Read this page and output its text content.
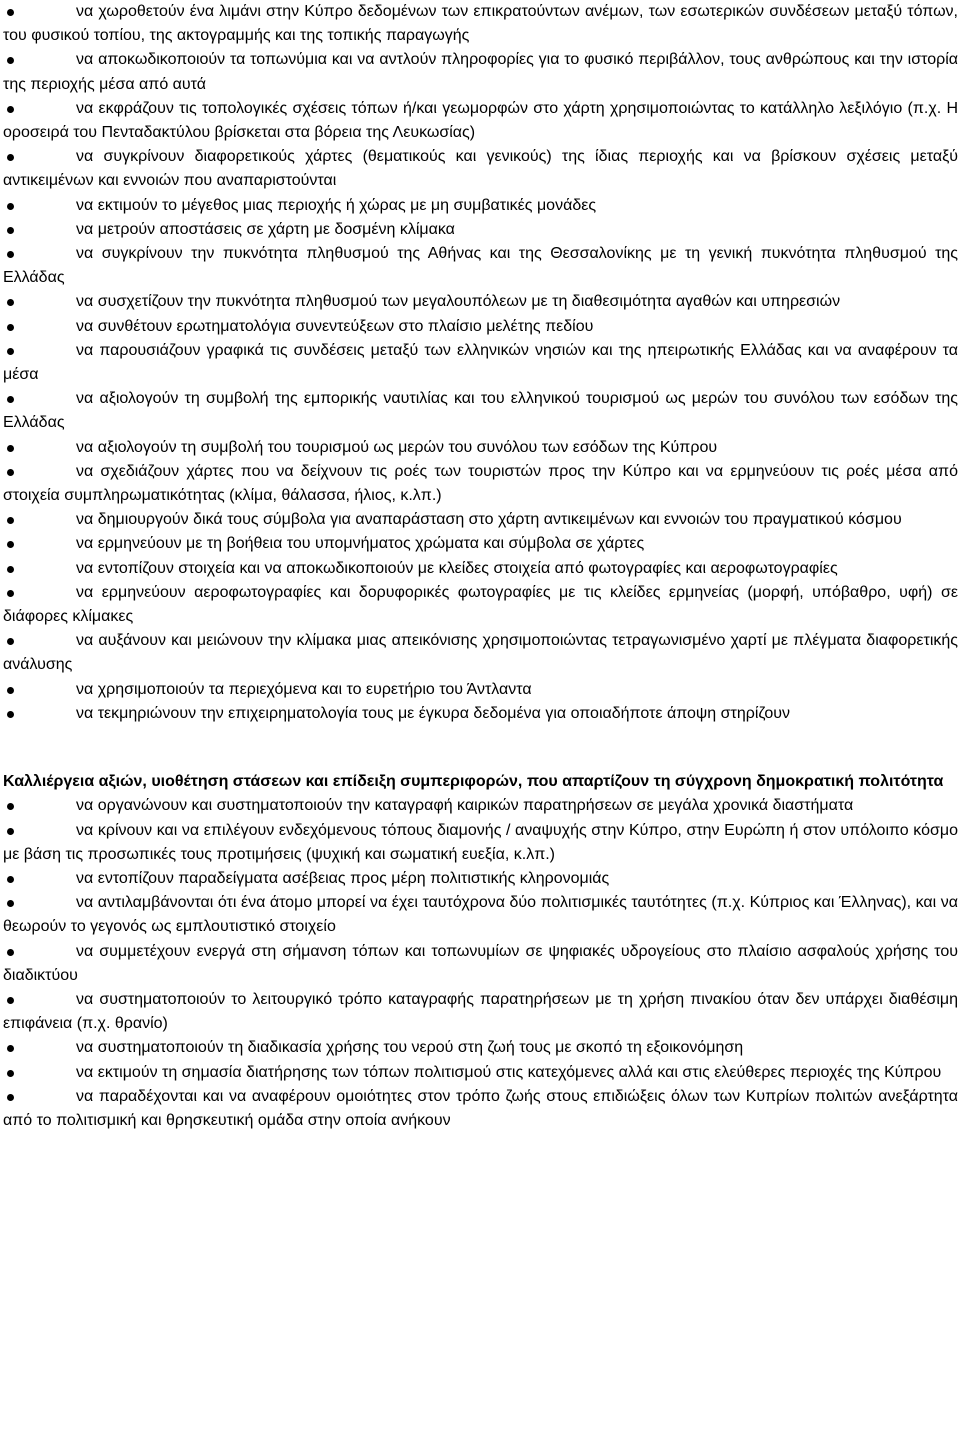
να χωροθετούν ένα λιμάνι στην Κύπρο δεδομένων των επικρατούντων ανέμων, των εσωτερικών συνδέσεων μεταξύ τόπων, του φυσικού τοπίου, της ακτογραμμής και της τοπικής παραγωγής
να αποκωδικοποιούν τα τοπωνύμια και να αντλούν πληροφορίες για το φυσικό περιβάλλον, τους ανθρώπους και την ιστορία της περιοχής μέσα από αυτά
να εκφράζουν τις τοπολογικές σχέσεις τόπων ή/και γεωμορφών στο χάρτη χρησιμοποιώντας το κατάλληλο λεξιλόγιο (π.χ. Η οροσειρά του Πενταδακτύλου βρίσκεται στα βόρεια της Λευκωσίας)
να συγκρίνουν διαφορετικούς χάρτες (θεματικούς και γενικούς) της ίδιας περιοχής και να βρίσκουν σχέσεις μεταξύ αντικειμένων και εννοιών που αναπαριστούνται
να εκτιμούν το μέγεθος μιας περιοχής ή χώρας με μη συμβατικές μονάδες
να μετρούν αποστάσεις σε χάρτη με δοσμένη κλίμακα
να συγκρίνουν την πυκνότητα πληθυσμού της Αθήνας και της Θεσσαλονίκης με τη γενική πυκνότητα πληθυσμού της Ελλάδας
να συσχετίζουν την πυκνότητα πληθυσμού των μεγαλουπόλεων με τη διαθεσιμότητα αγαθών και υπηρεσιών
να συνθέτουν ερωτηματολόγια συνεντεύξεων στο πλαίσιο μελέτης πεδίου
να παρουσιάζουν γραφικά τις συνδέσεις μεταξύ των ελληνικών νησιών και της ηπειρωτικής Ελλάδας και να αναφέρουν τα μέσα
να αξιολογούν τη συμβολή της εμπορικής ναυτιλίας και του ελληνικού τουρισμού ως μερών του συνόλου των εσόδων της Ελλάδας
να αξιολογούν τη συμβολή του τουρισμού ως μερών του συνόλου των εσόδων της Κύπρου
να σχεδιάζουν χάρτες που να δείχνουν τις ροές των τουριστών προς την Κύπρο και να ερμηνεύουν τις ροές μέσα από στοιχεία συμπληρωματικότητας (κλίμα, θάλασσα, ήλιος, κ.λπ.)
να δημιουργούν δικά τους σύμβολα για αναπαράσταση στο χάρτη αντικειμένων και εννοιών του πραγματικού κόσμου
να ερμηνεύουν με τη βοήθεια του υπομνήματος χρώματα και σύμβολα σε χάρτες
να εντοπίζουν στοιχεία και να αποκωδικοποιούν με κλείδες στοιχεία από φωτογραφίες και αεροφωτογραφίες
να ερμηνεύουν αεροφωτογραφίες και δορυφορικές φωτογραφίες με τις κλείδες ερμηνείας (μορφή, υπόβαθρο, υφή) σε διάφορες κλίμακες
να αυξάνουν και μειώνουν την κλίμακα μιας απεικόνισης χρησιμοποιώντας τετραγωνισμένο χαρτί με πλέγματα διαφορετικής ανάλυσης
να χρησιμοποιούν τα περιεχόμενα και το ευρετήριο του Άντλαντα
να τεκμηριώνουν την επιχειρηματολογία τους με έγκυρα δεδομένα για οποιαδήποτε άποψη στηρίζουν

Καλλιέργεια αξιών, υιοθέτηση στάσεων και επίδειξη συμπεριφορών, που απαρτίζουν τη σύγχρονη δημοκρατική πολιτότητα

να οργανώνουν και συστηματοποιούν την καταγραφή καιρικών παρατηρήσεων σε μεγάλα χρονικά διαστήματα
να κρίνουν και να επιλέγουν ενδεχόμενους τόπους διαμονής / αναψυχής στην Κύπρο, στην Ευρώπη ή στον υπόλοιπο κόσμο με βάση τις προσωπικές τους προτιμήσεις (ψυχική και σωματική ευεξία, κ.λπ.)
να εντοπίζουν παραδείγματα ασέβειας προς μέρη πολιτιστικής κληρονομιάς
να αντιλαμβάνονται ότι ένα άτομο μπορεί να έχει ταυτόχρονα δύο πολιτισμικές ταυτότητες (π.χ. Κύπριος και Έλληνας), και να θεωρούν το γεγονός ως εμπλουτιστικό στοιχείο
να συμμετέχουν ενεργά στη σήμανση τόπων και τοπωνυμίων σε ψηφιακές υδρογείους στο πλαίσιο ασφαλούς χρήσης του διαδικτύου
να συστηματοποιούν το λειτουργικό τρόπο καταγραφής παρατηρήσεων με τη χρήση πινακίου όταν δεν υπάρχει διαθέσιμη επιφάνεια (π.χ. θρανίο)
να συστηματοποιούν τη διαδικασία χρήσης του νερού στη ζωή τους με σκοπό τη εξοικονόμηση
να εκτιμούν τη σημασία διατήρησης των τόπων πολιτισμού στις κατεχόμενες αλλά και στις ελεύθερες περιοχές της Κύπρου
να παραδέχονται και να αναφέρουν ομοιότητες στον τρόπο ζωής στους επιδιώξεις όλων των Κυπρίων πολιτών ανεξάρτητα από το πολιτισμική και θρησκευτική ομάδα στην οποία ανήκουν
